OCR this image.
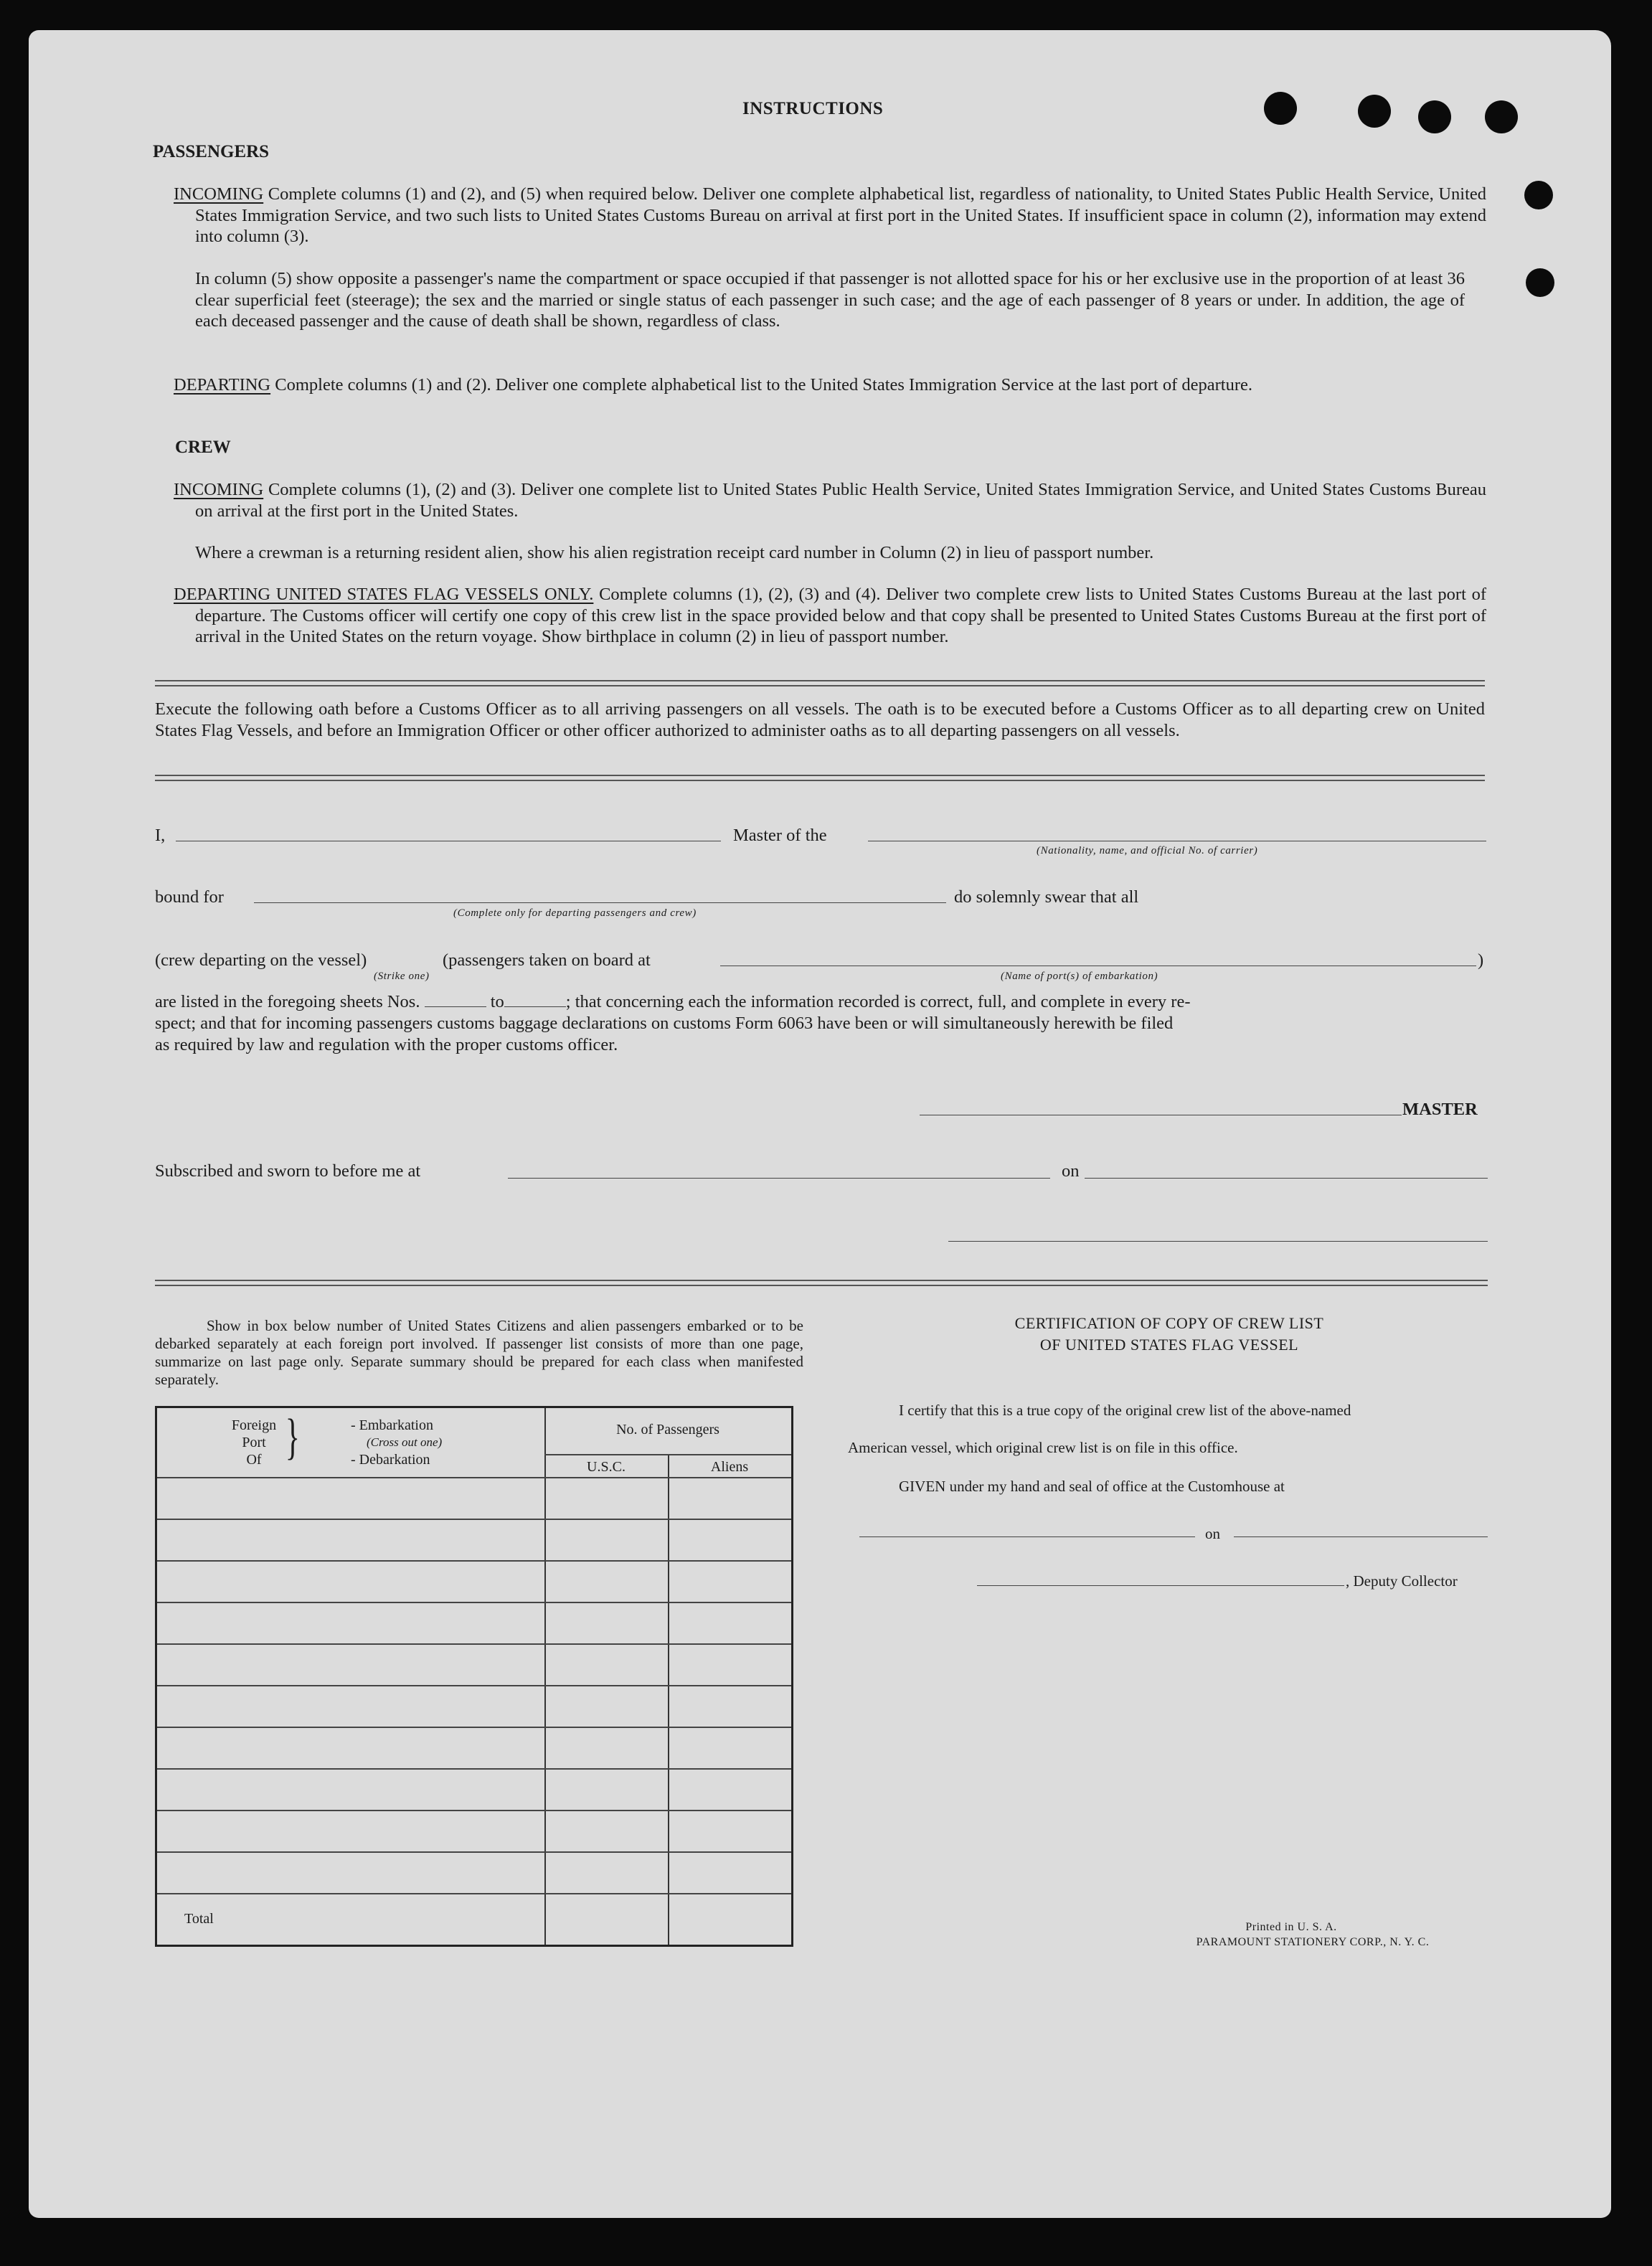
INSTRUCTIONS
PASSENGERS
INCOMING Complete columns (1) and (2), and (5) when required below. Deliver one complete alphabetical list, regardless of nationality, to United States Public Health Service, United States Immigration Service, and two such lists to United States Customs Bureau on arrival at first port in the United States. If insufficient space in column (2), information may extend into column (3).
In column (5) show opposite a passenger's name the compartment or space occupied if that passenger is not allotted space for his or her exclusive use in the proportion of at least 36 clear superficial feet (steerage); the sex and the married or single status of each passenger in such case; and the age of each passenger of 8 years or under. In addition, the age of each deceased passenger and the cause of death shall be shown, regardless of class.
DEPARTING Complete columns (1) and (2). Deliver one complete alphabetical list to the United States Immigration Service at the last port of departure.
CREW
INCOMING Complete columns (1), (2) and (3). Deliver one complete list to United States Public Health Service, United States Immigration Service, and United States Customs Bureau on arrival at the first port in the United States.
Where a crewman is a returning resident alien, show his alien registration receipt card number in Column (2) in lieu of passport number.
DEPARTING UNITED STATES FLAG VESSELS ONLY. Complete columns (1), (2), (3) and (4). Deliver two complete crew lists to United States Customs Bureau at the last port of departure. The Customs officer will certify one copy of this crew list in the space provided below and that copy shall be presented to United States Customs Bureau at the first port of arrival in the United States on the return voyage. Show birthplace in column (2) in lieu of passport number.
Execute the following oath before a Customs Officer as to all arriving passengers on all vessels. The oath is to be executed before a Customs Officer as to all departing crew on United States Flag Vessels, and before an Immigration Officer or other officer authorized to administer oaths as to all departing passengers on all vessels.
I,	Master of the
(Nationality, name, and official No. of carrier)
bound for
(Complete only for departing passengers and crew)
do solemnly swear that all
(crew departing on the vessel)	(passengers taken on board at	)
(Strike one)	(Name of port(s) of embarkation)
are listed in the foregoing sheets Nos.	to	; that concerning each the information recorded is correct, full, and complete in every re-
spect; and that for incoming passengers customs baggage declarations on customs Form 6063 have been or will simultaneously herewith be filed
as required by law and regulation with the proper customs officer.
MASTER
Subscribed and sworn to before me at	on
Show in box below number of United States Citizens and alien passengers embarked or to be debarked separately at each foreign port involved. If passenger list consists of more than one page, summarize on last page only. Separate summary should be prepared for each class when manifested separately.
Foreign
Port
Of }	- Embarkation
(Cross out one)
- Debarkation
No. of Passengers
U.S.C.	Aliens
Total
CERTIFICATION OF COPY OF CREW LIST
OF UNITED STATES FLAG VESSEL
I certify that this is a true copy of the original crew list of the above-named
American vessel, which original crew list is on file in this office.
GIVEN under my hand and seal of office at the Customhouse at
on
, Deputy Collector
Printed in U. S. A.
PARAMOUNT STATIONERY CORP., N. Y. C.
